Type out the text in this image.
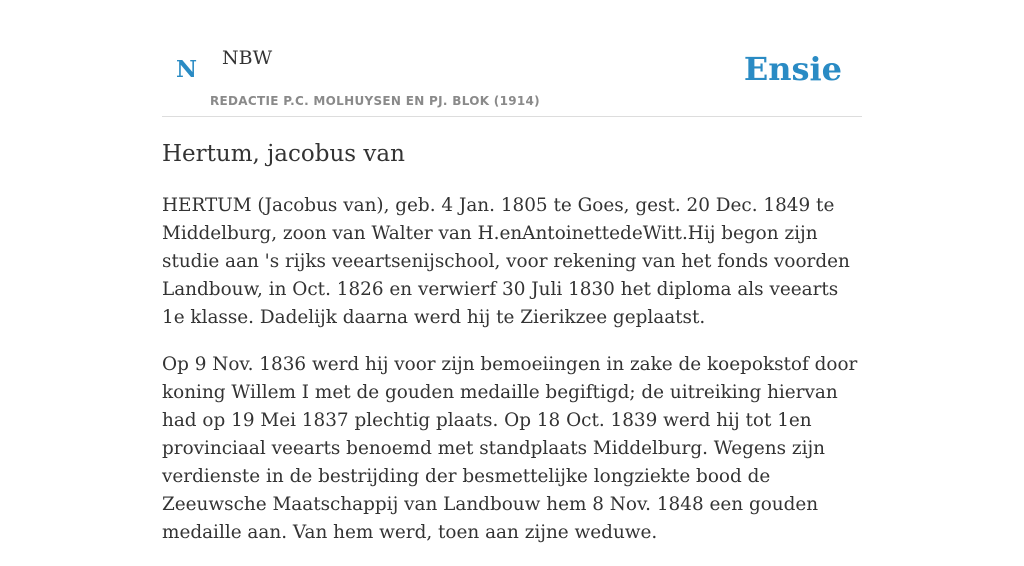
N NBW
REDACTIE P.C. MOLHUYSEN EN PJ. BLOK (1914)
Ensie
Hertum, jacobus van

HERTUM (Jacobus van), geb. 4 Jan. 1805 te Goes, gest. 20 Dec. 1849 te Middelburg, zoon van Walter van H.enAntoinettedeWitt.Hij begon zijn studie aan 's rijks veeartsenijschool, voor rekening van het fonds voorden Landbouw, in Oct. 1826 en verwierf 30 Juli 1830 het diploma als veearts 1e klasse. Dadelijk daarna werd hij te Zierikzee geplaatst.

Op 9 Nov. 1836 werd hij voor zijn bemoeiingen in zake de koepokstof door koning Willem I met de gouden medaille begiftigd; de uitreiking hiervan had op 19 Mei 1837 plechtig plaats. Op 18 Oct. 1839 werd hij tot 1en provinciaal veearts benoemd met standplaats Middelburg. Wegens zijn verdienste in de bestrijding der besmettelijke longziekte bood de Zeeuwsche Maatschappij van Landbouw hem 8 Nov. 1848 een gouden medaille aan. Van hem werd, toen aan zijne weduwe.
